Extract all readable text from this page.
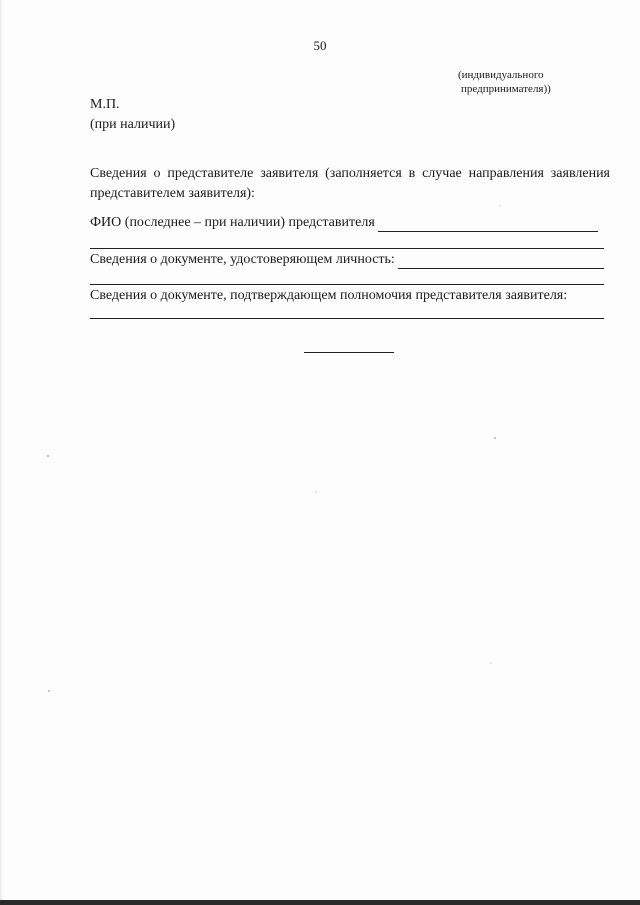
50
(индивидуального
предпринимателя))
М.П.
(при наличии)
Сведения о представителе заявителя (заполняется в случае направления заявления представителем заявителя):
ФИО (последнее – при наличии) представителя
Сведения о документе, удостоверяющем личность:
Сведения о документе, подтверждающем полномочия представителя заявителя:
